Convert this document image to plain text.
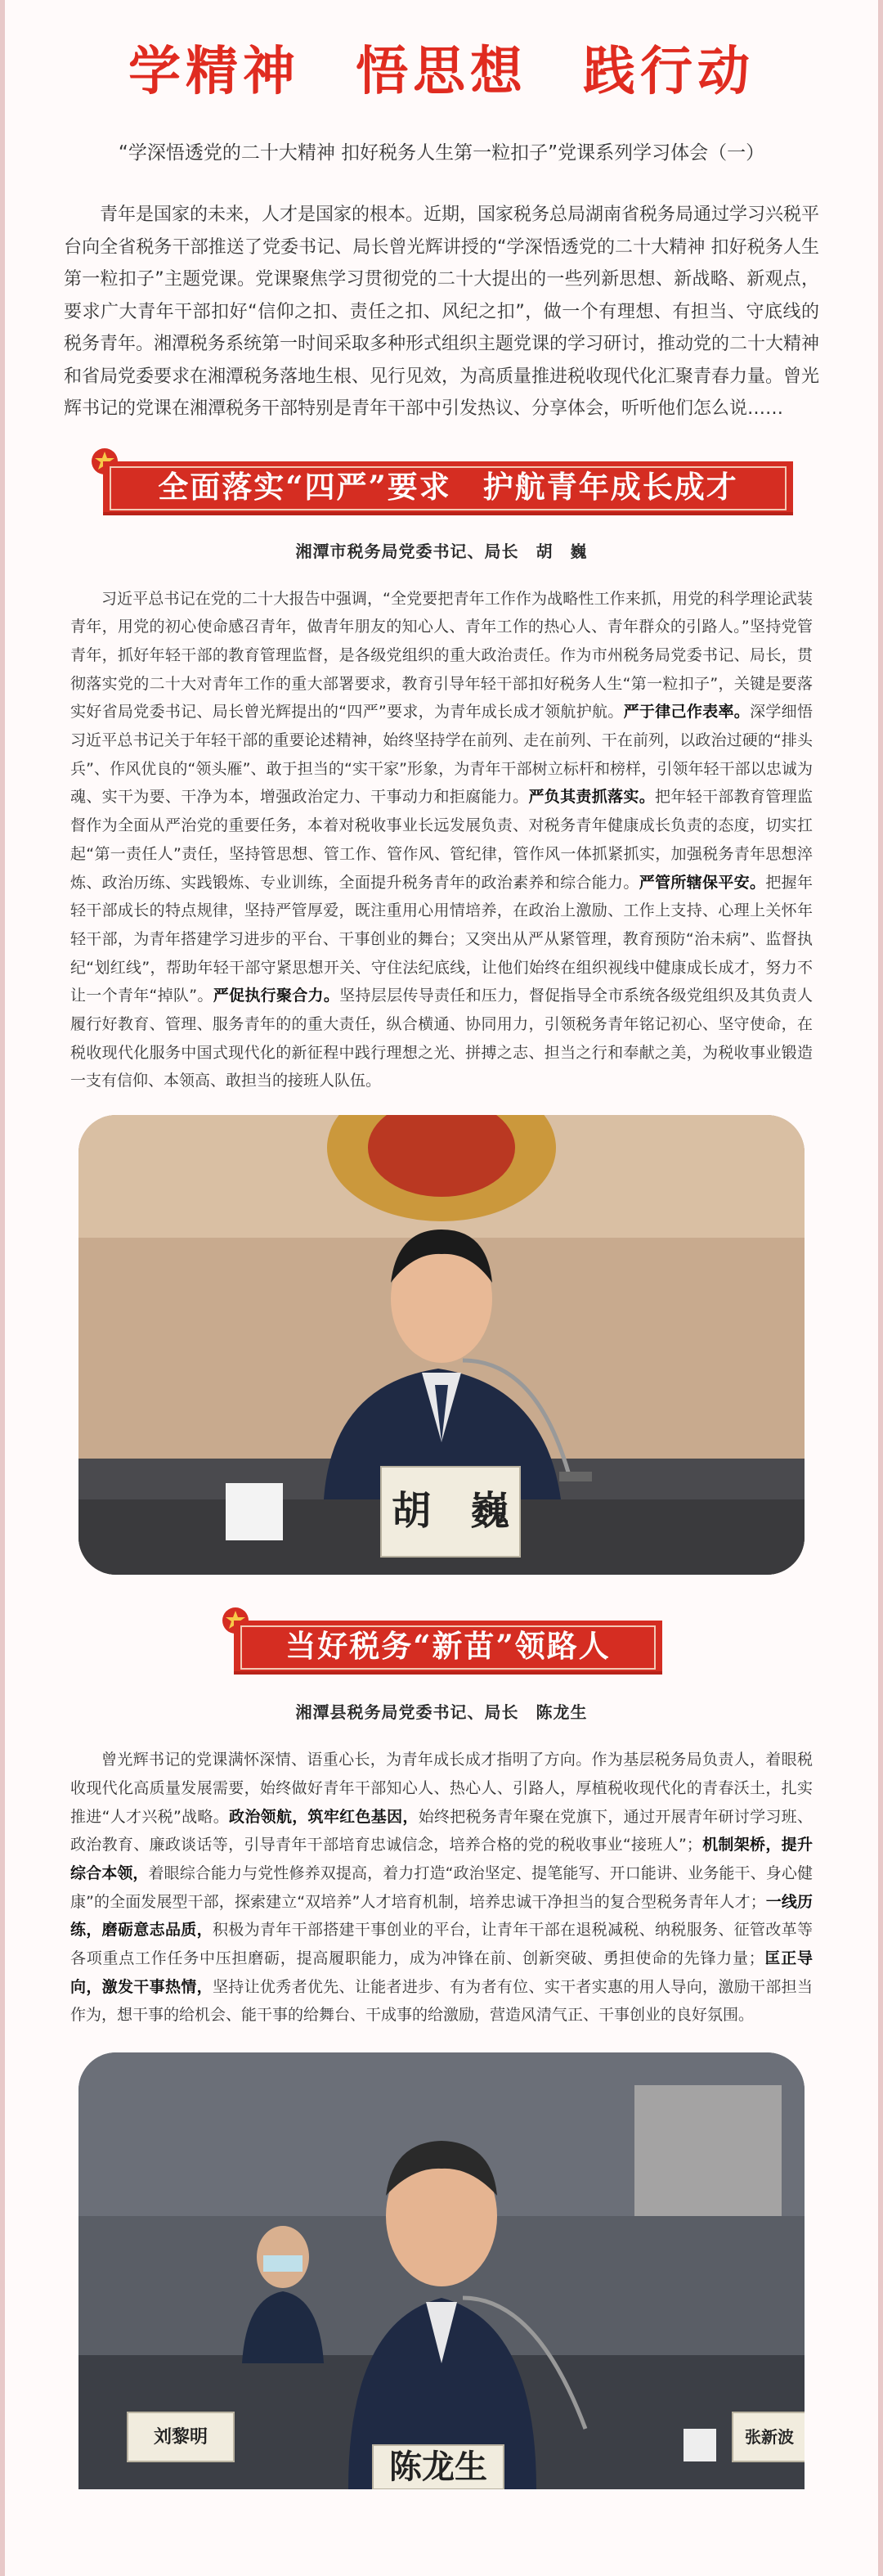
学精神 悟思想 践行动

“学深悟透党的二十大精神 扣好税务人生第一粒扣子”党课系列学习体会（一）

青年是国家的未来，人才是国家的根本。近期，国家税务总局湖南省税务局通过学习兴税平台向全省税务干部推送了党委书记、局长曾光辉讲授的“学深悟透党的二十大精神 扣好税务人生第一粒扣子”主题党课。党课聚焦学习贯彻党的二十大提出的一些列新思想、新战略、新观点，要求广大青年干部扣好“信仰之扣、责任之扣、风纪之扣”，做一个有理想、有担当、守底线的税务青年。湘潭税务系统第一时间采取多种形式组织主题党课的学习研讨，推动党的二十大精神和省局党委要求在湘潭税务落地生根、见行见效，为高质量推进税收现代化汇聚青春力量。曾光辉书记的党课在湘潭税务干部特别是青年干部中引发热议、分享体会，听听他们怎么说……

全面落实“四严”要求　护航青年成长成才

湘潭市税务局党委书记、局长　胡　巍

习近平总书记在党的二十大报告中强调，“全党要把青年工作作为战略性工作来抓，用党的科学理论武装青年，用党的初心使命感召青年，做青年朋友的知心人、青年工作的热心人、青年群众的引路人。”坚持党管青年，抓好年轻干部的教育管理监督，是各级党组织的重大政治责任。作为市州税务局党委书记、局长，贯彻落实党的二十大对青年工作的重大部署要求，教育引导年轻干部扣好税务人生“第一粒扣子”，关键是要落实好省局党委书记、局长曾光辉提出的“四严”要求，为青年成长成才领航护航。严于律己作表率。深学细悟习近平总书记关于年轻干部的重要论述精神，始终坚持学在前列、走在前列、干在前列，以政治过硬的“排头兵”、作风优良的“领头雁”、敢于担当的“实干家”形象，为青年干部树立标杆和榜样，引领年轻干部以忠诚为魂、实干为要、干净为本，增强政治定力、干事动力和拒腐能力。严负其责抓落实。把年轻干部教育管理监督作为全面从严治党的重要任务，本着对税收事业长远发展负责、对税务青年健康成长负责的态度，切实扛起“第一责任人”责任，坚持管思想、管工作、管作风、管纪律，管作风一体抓紧抓实，加强税务青年思想淬炼、政治历练、实践锻炼、专业训练，全面提升税务青年的政治素养和综合能力。严管所辖保平安。把握年轻干部成长的特点规律，坚持严管厚爱，既注重用心用情培养，在政治上激励、工作上支持、心理上关怀年轻干部，为青年搭建学习进步的平台、干事创业的舞台；又突出从严从紧管理，教育预防“治未病”、监督执纪“划红线”，帮助年轻干部守紧思想开关、守住法纪底线，让他们始终在组织视线中健康成长成才，努力不让一个青年“掉队”。严促执行聚合力。坚持层层传导责任和压力，督促指导全市系统各级党组织及其负责人履行好教育、管理、服务青年的的重大责任，纵合横通、协同用力，引领税务青年铭记初心、坚守使命，在税收现代化服务中国式现代化的新征程中践行理想之光、拼搏之志、担当之行和奉献之美，为税收事业锻造一支有信仰、本领高、敢担当的接班人队伍。

胡　巍
当好税务“新苗”领路人

湘潭县税务局党委书记、局长　陈龙生

曾光辉书记的党课满怀深情、语重心长，为青年成长成才指明了方向。作为基层税务局负责人，着眼税收现代化高质量发展需要，始终做好青年干部知心人、热心人、引路人，厚植税收现代化的青春沃土，扎实推进“人才兴税”战略。政治领航，筑牢红色基因，始终把税务青年聚在党旗下，通过开展青年研讨学习班、政治教育、廉政谈话等，引导青年干部培育忠诚信念，培养合格的党的税收事业“接班人”；机制架桥，提升综合本领，着眼综合能力与党性修养双提高，着力打造“政治坚定、提笔能写、开口能讲、业务能干、身心健康”的全面发展型干部，探索建立“双培养”人才培育机制，培养忠诚干净担当的复合型税务青年人才；一线历练，磨砺意志品质，积极为青年干部搭建干事创业的平台，让青年干部在退税减税、纳税服务、征管改革等各项重点工作任务中压担磨砺，提高履职能力，成为冲锋在前、创新突破、勇担使命的先锋力量；匡正导向，激发干事热情，坚持让优秀者优先、让能者进步、有为者有位、实干者实惠的用人导向，激励干部担当作为，想干事的给机会、能干事的给舞台、干成事的给激励，营造风清气正、干事创业的良好氛围。

刘黎明	张新波
陈龙生
